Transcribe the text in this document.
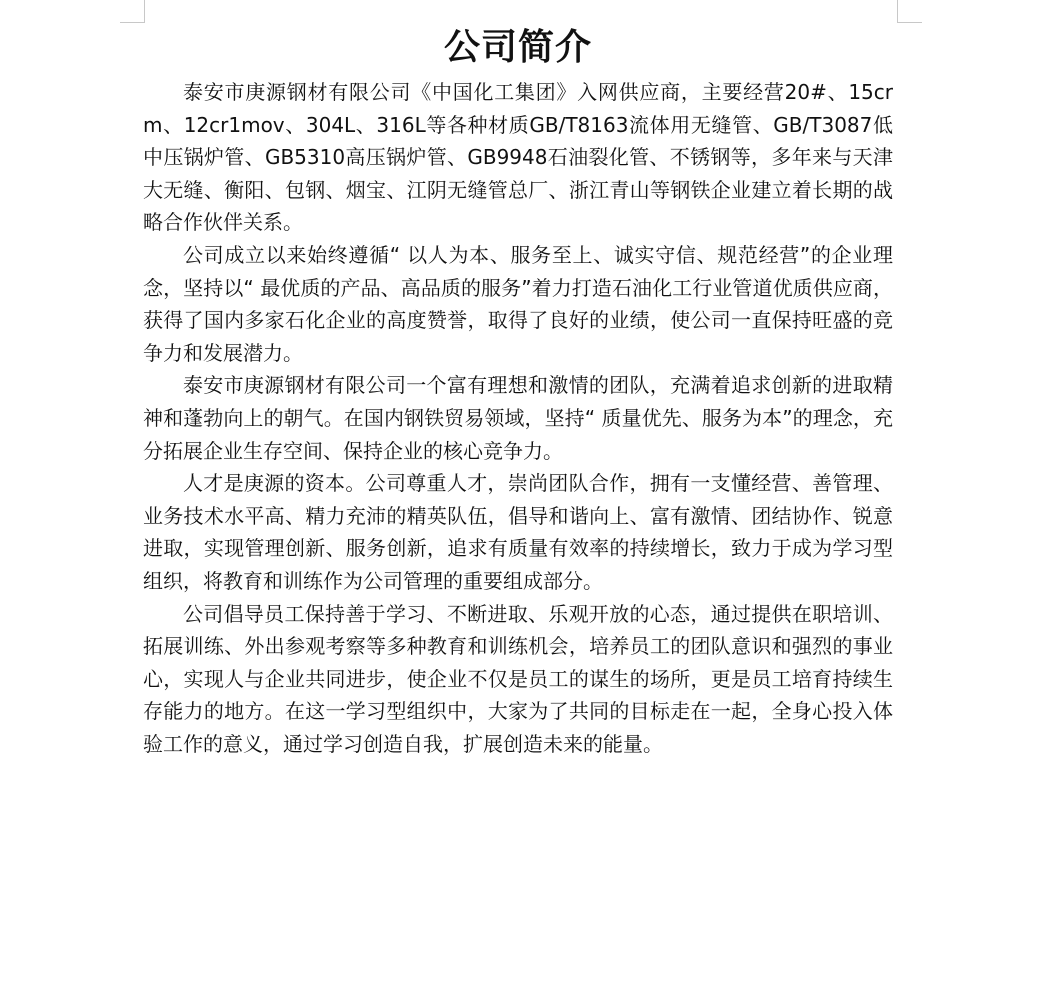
公司简介

泰安市庚源钢材有限公司《中国化工集团》入网供应商，主要经营20#、15crm、12cr1mov、304L、316L等各种材质GB/T8163流体用无缝管、GB/T3087低中压锅炉管、GB5310高压锅炉管、GB9948石油裂化管、不锈钢等，多年来与天津大无缝、衡阳、包钢、烟宝、江阴无缝管总厂、浙江青山等钢铁企业建立着长期的战略合作伙伴关系。

公司成立以来始终遵循“ 以人为本、服务至上、诚实守信、规范经营”的企业理念，坚持以“ 最优质的产品、高品质的服务”着力打造石油化工行业管道优质供应商，获得了国内多家石化企业的高度赞誉，取得了良好的业绩，使公司一直保持旺盛的竞争力和发展潜力。

泰安市庚源钢材有限公司一个富有理想和激情的团队，充满着追求创新的进取精神和蓬勃向上的朝气。在国内钢铁贸易领域，坚持“ 质量优先、服务为本”的理念，充分拓展企业生存空间、保持企业的核心竞争力。

人才是庚源的资本。公司尊重人才，崇尚团队合作，拥有一支懂经营、善管理、业务技术水平高、精力充沛的精英队伍，倡导和谐向上、富有激情、团结协作、锐意进取，实现管理创新、服务创新，追求有质量有效率的持续增长，致力于成为学习型组织，将教育和训练作为公司管理的重要组成部分。

公司倡导员工保持善于学习、不断进取、乐观开放的心态，通过提供在职培训、拓展训练、外出参观考察等多种教育和训练机会，培养员工的团队意识和强烈的事业心，实现人与企业共同进步，使企业不仅是员工的谋生的场所，更是员工培育持续生存能力的地方。在这一学习型组织中，大家为了共同的目标走在一起，全身心投入体验工作的意义，通过学习创造自我，扩展创造未来的能量。
